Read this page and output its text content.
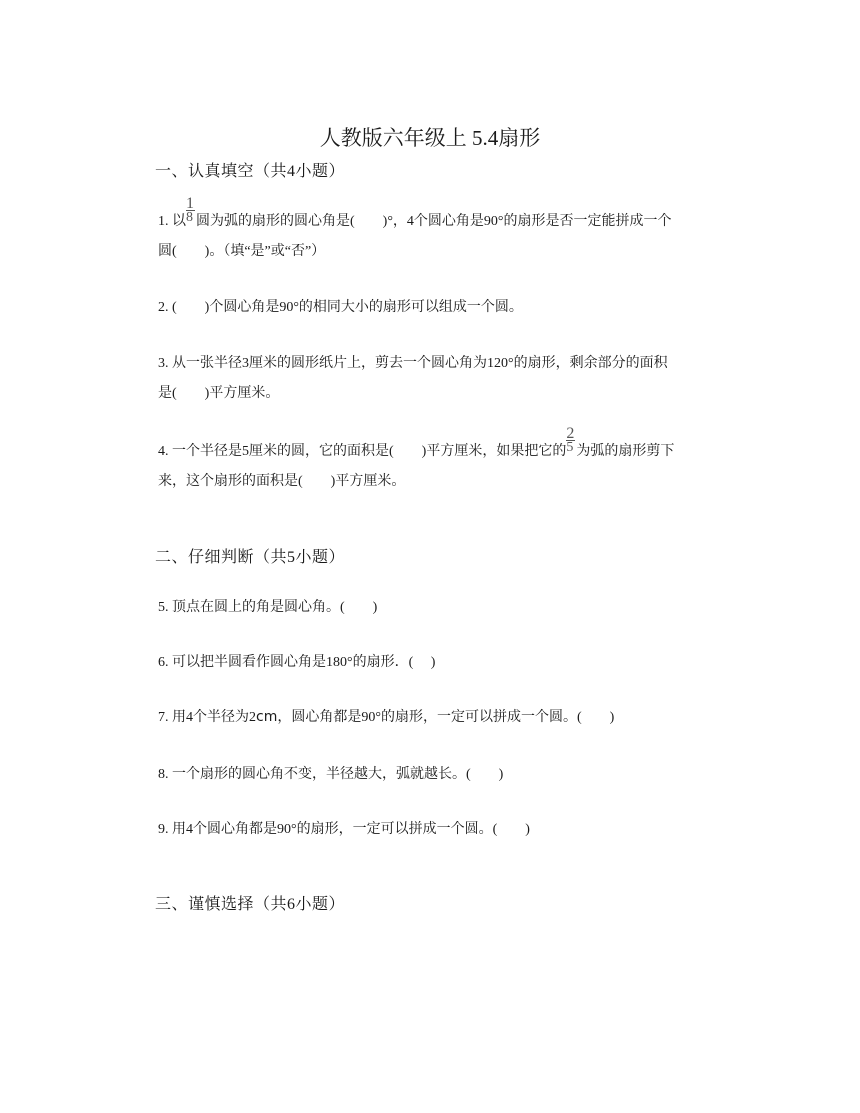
人教版六年级上 5.4扇形
一、认真填空（共4小题）
1. 以 $\frac{1}{8}$ 圆为弧的扇形的圆心角是(　　)°，4个圆心角是90°的扇形是否一定能拼成一个
圆(　　)。（填“是”或“否”）
2. (　　)个圆心角是90°的相同大小的扇形可以组成一个圆。
3. 从一张半径3厘米的圆形纸片上，剪去一个圆心角为120°的扇形，剩余部分的面积
是(　　)平方厘米。
4. 一个半径是5厘米的圆，它的面积是(　　)平方厘米，如果把它的 $\frac{2}{5}$ 为弧的扇形剪下
来，这个扇形的面积是(　　)平方厘米。
二、仔细判断（共5小题）
5. 顶点在圆上的角是圆心角。(　　)
6. 可以把半圆看作圆心角是180°的扇形．(　 )
7. 用4个半径为2cm，圆心角都是90°的扇形，一定可以拼成一个圆。(　　)
8. 一个扇形的圆心角不变，半径越大，弧就越长。(　　)
9. 用4个圆心角都是90°的扇形，一定可以拼成一个圆。(　　)
三、谨慎选择（共6小题）
